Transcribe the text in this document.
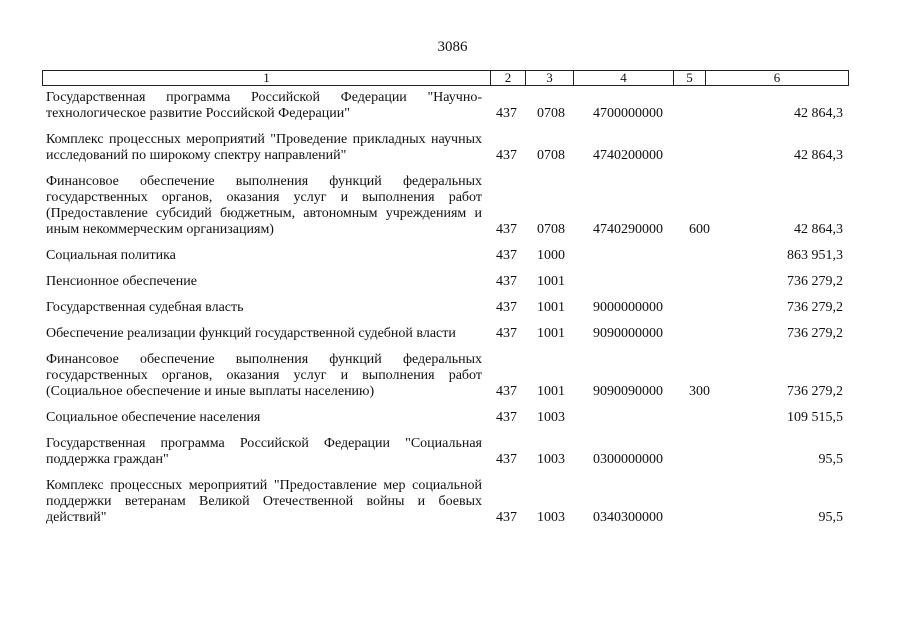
3086
1	2	3	4	5	6
Государственная программа Российской Федерации "Научно-технологическое развитие Российской Федерации"	437 0708 4700000000	42 864,3
Комплекс процессных мероприятий "Проведение прикладных научных исследований по широкому спектру направлений"	437 0708 4740200000	42 864,3
Финансовое обеспечение выполнения функций федеральных государственных органов, оказания услуг и выполнения работ (Предоставление субсидий бюджетным, автономным учреждениям и иным некоммерческим организациям)	437 0708 4740290000 600	42 864,3
Социальная политика	437 1000	863 951,3
Пенсионное обеспечение	437 1001	736 279,2
Государственная судебная власть	437 1001 9000000000	736 279,2
Обеспечение реализации функций государственной судебной власти	437 1001 9090000000	736 279,2
Финансовое обеспечение выполнения функций федеральных государственных органов, оказания услуг и выполнения работ (Социальное обеспечение и иные выплаты населению)	437 1001 9090090000 300	736 279,2
Социальное обеспечение населения	437 1003	109 515,5
Государственная программа Российской Федерации "Социальная поддержка граждан"	437 1003 0300000000	95,5
Комплекс процессных мероприятий "Предоставление мер социальной поддержки ветеранам Великой Отечественной войны и боевых действий"	437 1003 0340300000	95,5
